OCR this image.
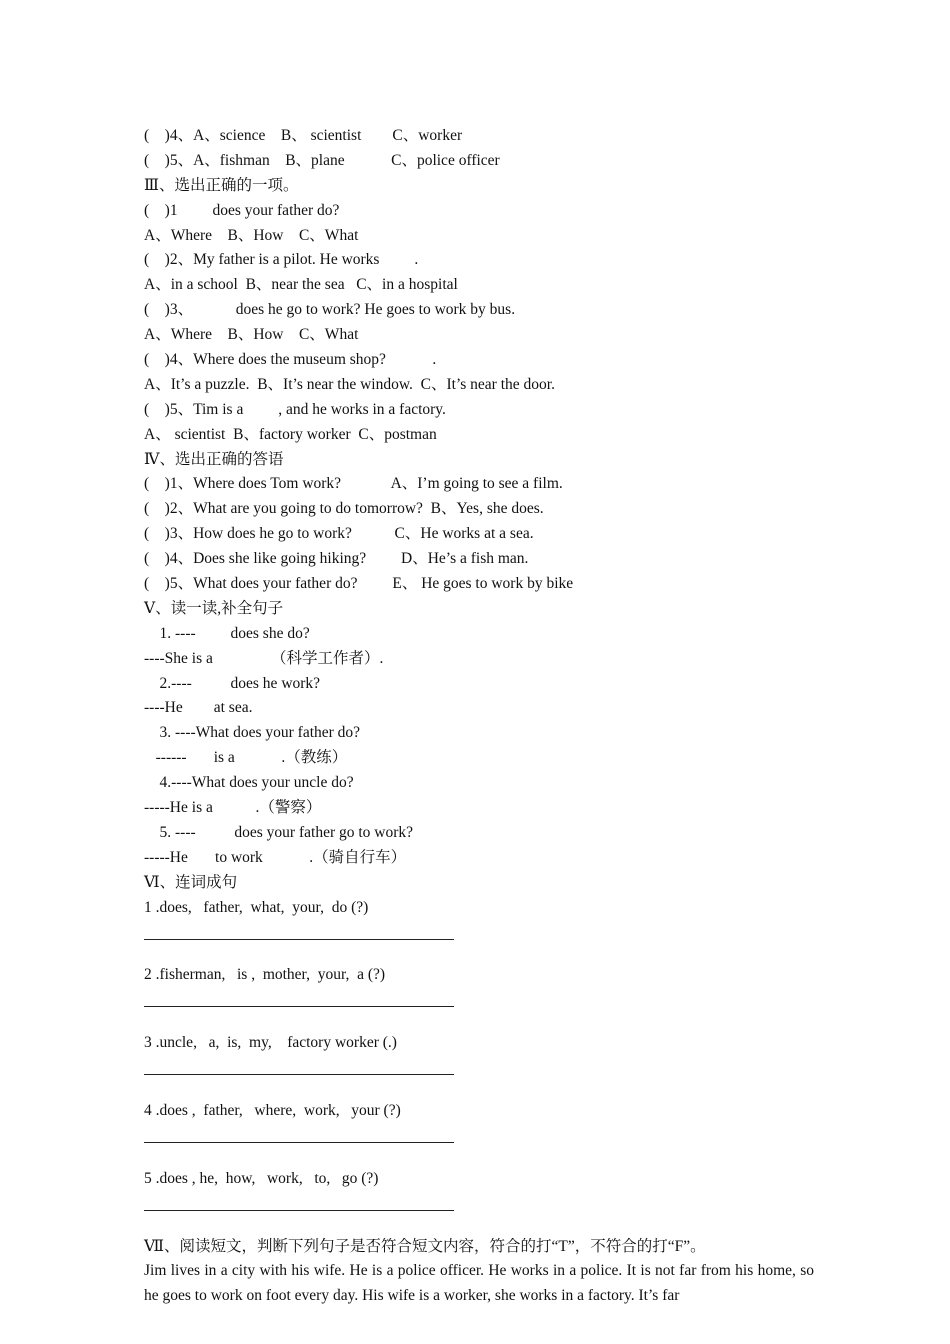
(    )4、A、science    B、 scientist        C、worker
(    )5、A、fishman    B、plane            C、police officer
Ⅲ、选出正确的一项。
(    )1         does your father do?
A、Where    B、How    C、What
(    )2、My father is a pilot. He works         .
A、in a school  B、near the sea   C、in a hospital
(    )3、           does he go to work? He goes to work by bus.
A、Where    B、How    C、What
(    )4、Where does the museum shop?            .
A、It’s a puzzle.  B、It’s near the window.  C、It’s near the door.
(    )5、Tim is a         , and he works in a factory.
A、 scientist  B、factory worker  C、postman
Ⅳ、选出正确的答语
(    )1、Where does Tom work?             A、I’m going to see a film.
(    )2、What are you going to do tomorrow?  B、Yes, she does.
(    )3、How does he go to work?           C、He works at a sea.
(    )4、Does she like going hiking?         D、He’s a fish man.
(    )5、What does your father do?         E、 He goes to work by bike
Ⅴ、读一读,补全句子
1. ----         does she do?
----She is a               （科学工作者）.
2.----          does he work?
----He        at sea.
3. ----What does your father do?
------       is a            .（教练）
4.----What does your uncle do?
-----He is a           .（警察）
5. ----          does your father go to work?
-----He       to work            .（骑自行车）
Ⅵ、连词成句
1 .does,   father,  what,  your,  do (?)
2 .fisherman,   is ,  mother,  your,  a (?)
3 .uncle,   a,  is,  my,    factory worker (.)
4 .does ,  father,   where,  work,   your (?)
5 .does , he,  how,   work,   to,   go (?)
Ⅶ、阅读短文，判断下列句子是否符合短文内容，符合的打“T”，不符合的打“F”。
Jim lives in a city with his wife. He is a police officer. He works in a police. It is not far from his home, so he goes to work on foot every day. His wife is a worker, she works in a factory. It’s far
